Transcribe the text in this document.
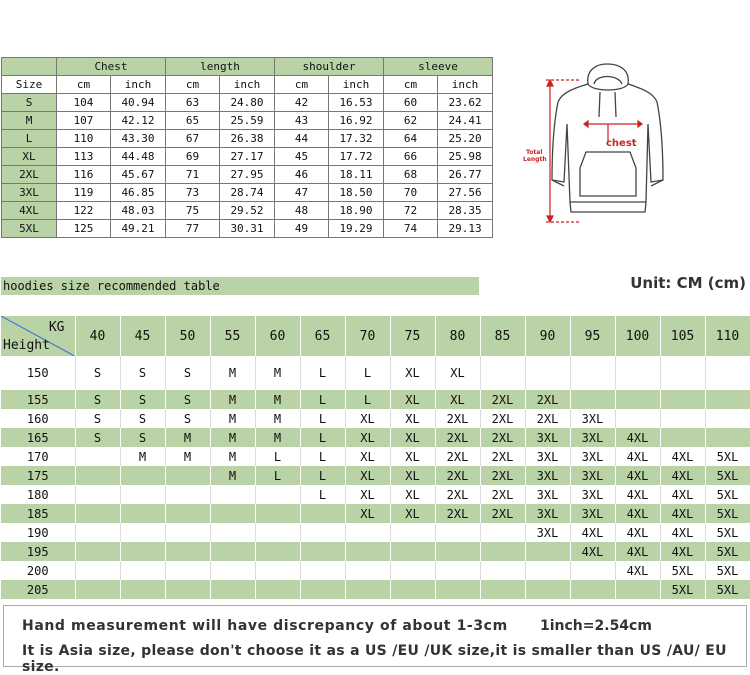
	Chest		length		shoulder		sleeve	
Size	cm	inch	cm	inch	cm	inch	cm	inch
S	104	40.94	63	24.80	42	16.53	60	23.62
M	107	42.12	65	25.59	43	16.92	62	24.41
L	110	43.30	67	26.38	44	17.32	64	25.20
XL	113	44.48	69	27.17	45	17.72	66	25.98
2XL	116	45.67	71	27.95	46	18.11	68	26.77
3XL	119	46.85	73	28.74	47	18.50	70	27.56
4XL	122	48.03	75	29.52	48	18.90	72	28.35
5XL	125	49.21	77	30.31	49	19.29	74	29.13
chest
Total
Length
hoodies size recommended table	Unit: CM (cm)
KG
Height	40	45	50	55	60	65	70	75	80	85	90	95	100	105	110
150	S	S	S	M	M	L	L	XL	XL						
155	S	S	S	M	M	L	L	XL	XL	2XL	2XL				
160	S	S	S	M	M	L	XL	XL	2XL	2XL	2XL	3XL			
165	S	S	M	M	M	L	XL	XL	2XL	2XL	3XL	3XL	4XL		
170		M	M	M	L	L	XL	XL	2XL	2XL	3XL	3XL	4XL	4XL	5XL
175				M	L	L	XL	XL	2XL	2XL	3XL	3XL	4XL	4XL	5XL
180						L	XL	XL	2XL	2XL	3XL	3XL	4XL	4XL	5XL
185							XL	XL	2XL	2XL	3XL	3XL	4XL	4XL	5XL
190											3XL	4XL	4XL	4XL	5XL
195												4XL	4XL	4XL	5XL
200													4XL	5XL	5XL
205														5XL	5XL
Hand measurement will have discrepancy of about 1-3cm 1inch=2.54cm
It is Asia size, please don't choose it as a US /EU /UK size,it is smaller than US /AU/ EU size.
